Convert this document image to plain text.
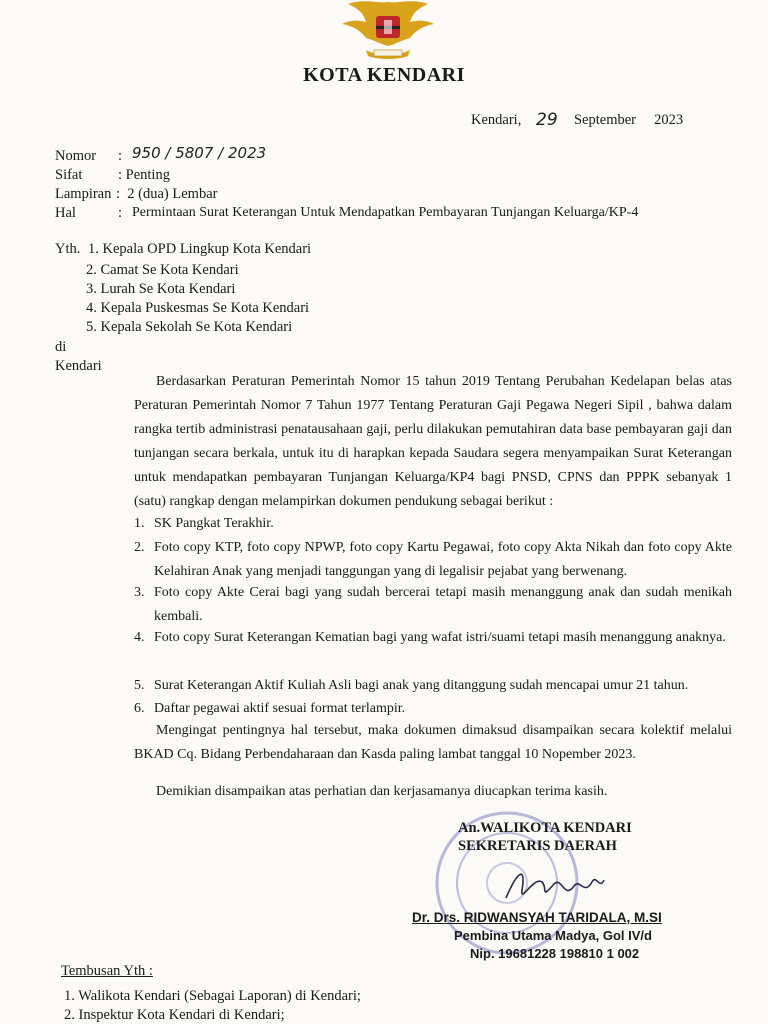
KOTA KENDARI
Kendari, 29 September     2023
Nomor : 950 / 5807 / 2023
Sifat : Penting
Lampiran :  2 (dua) Lembar
Hal	: Permintaan Surat Keterangan Untuk Mendapatkan Pembayaran Tunjangan Keluarga/KP-4
Yth. 1. Kepala OPD Lingkup Kota Kendari
2. Camat Se Kota Kendari
3. Lurah Se Kota Kendari
4. Kepala Puskesmas Se Kota Kendari
5. Kepala Sekolah Se Kota Kendari
di
Kendari
Berdasarkan Peraturan Pemerintah Nomor 15 tahun 2019 Tentang Perubahan Kedelapan belas atas Peraturan Pemerintah Nomor 7 Tahun 1977 Tentang Peraturan Gaji Pegawa Negeri Sipil , bahwa dalam rangka tertib administrasi penatausahaan gaji, perlu dilakukan pemutahiran data base pembayaran gaji dan tunjangan secara berkala, untuk itu di harapkan kepada Saudara segera menyampaikan Surat Keterangan untuk mendapatkan pembayaran Tunjangan Keluarga/KP4 bagi PNSD, CPNS dan PPPK sebanyak 1 (satu) rangkap dengan melampirkan dokumen pendukung sebagai berikut :
1. SK Pangkat Terakhir.
2. Foto copy KTP, foto copy NPWP, foto copy Kartu Pegawai, foto copy Akta Nikah dan foto copy Akte Kelahiran Anak yang menjadi tanggungan yang di legalisir pejabat yang berwenang.
3. Foto copy Akte Cerai bagi yang sudah bercerai tetapi masih menanggung anak dan sudah menikah kembali.
4. Foto copy Surat Keterangan Kematian bagi yang wafat istri/suami tetapi masih menanggung anaknya.
5. Surat Keterangan Aktif Kuliah Asli bagi anak yang ditanggung sudah mencapai umur 21 tahun.
6. Daftar pegawai aktif sesuai format terlampir.
Mengingat pentingnya hal tersebut, maka dokumen dimaksud disampaikan secara kolektif melalui BKAD Cq. Bidang Perbendaharaan dan Kasda paling lambat tanggal 10 Nopember 2023.
Demikian disampaikan atas perhatian dan kerjasamanya diucapkan terima kasih.
An.WALIKOTA KENDARI
SEKRETARIS DAERAH
Dr. Drs. RIDWANSYAH TARIDALA, M.SI
Pembina Utama Madya, Gol IV/d
Nip. 19681228 198810 1 002
Tembusan Yth :
1. Walikota Kendari (Sebagai Laporan) di Kendari;
2. Inspektur Kota Kendari di Kendari;
